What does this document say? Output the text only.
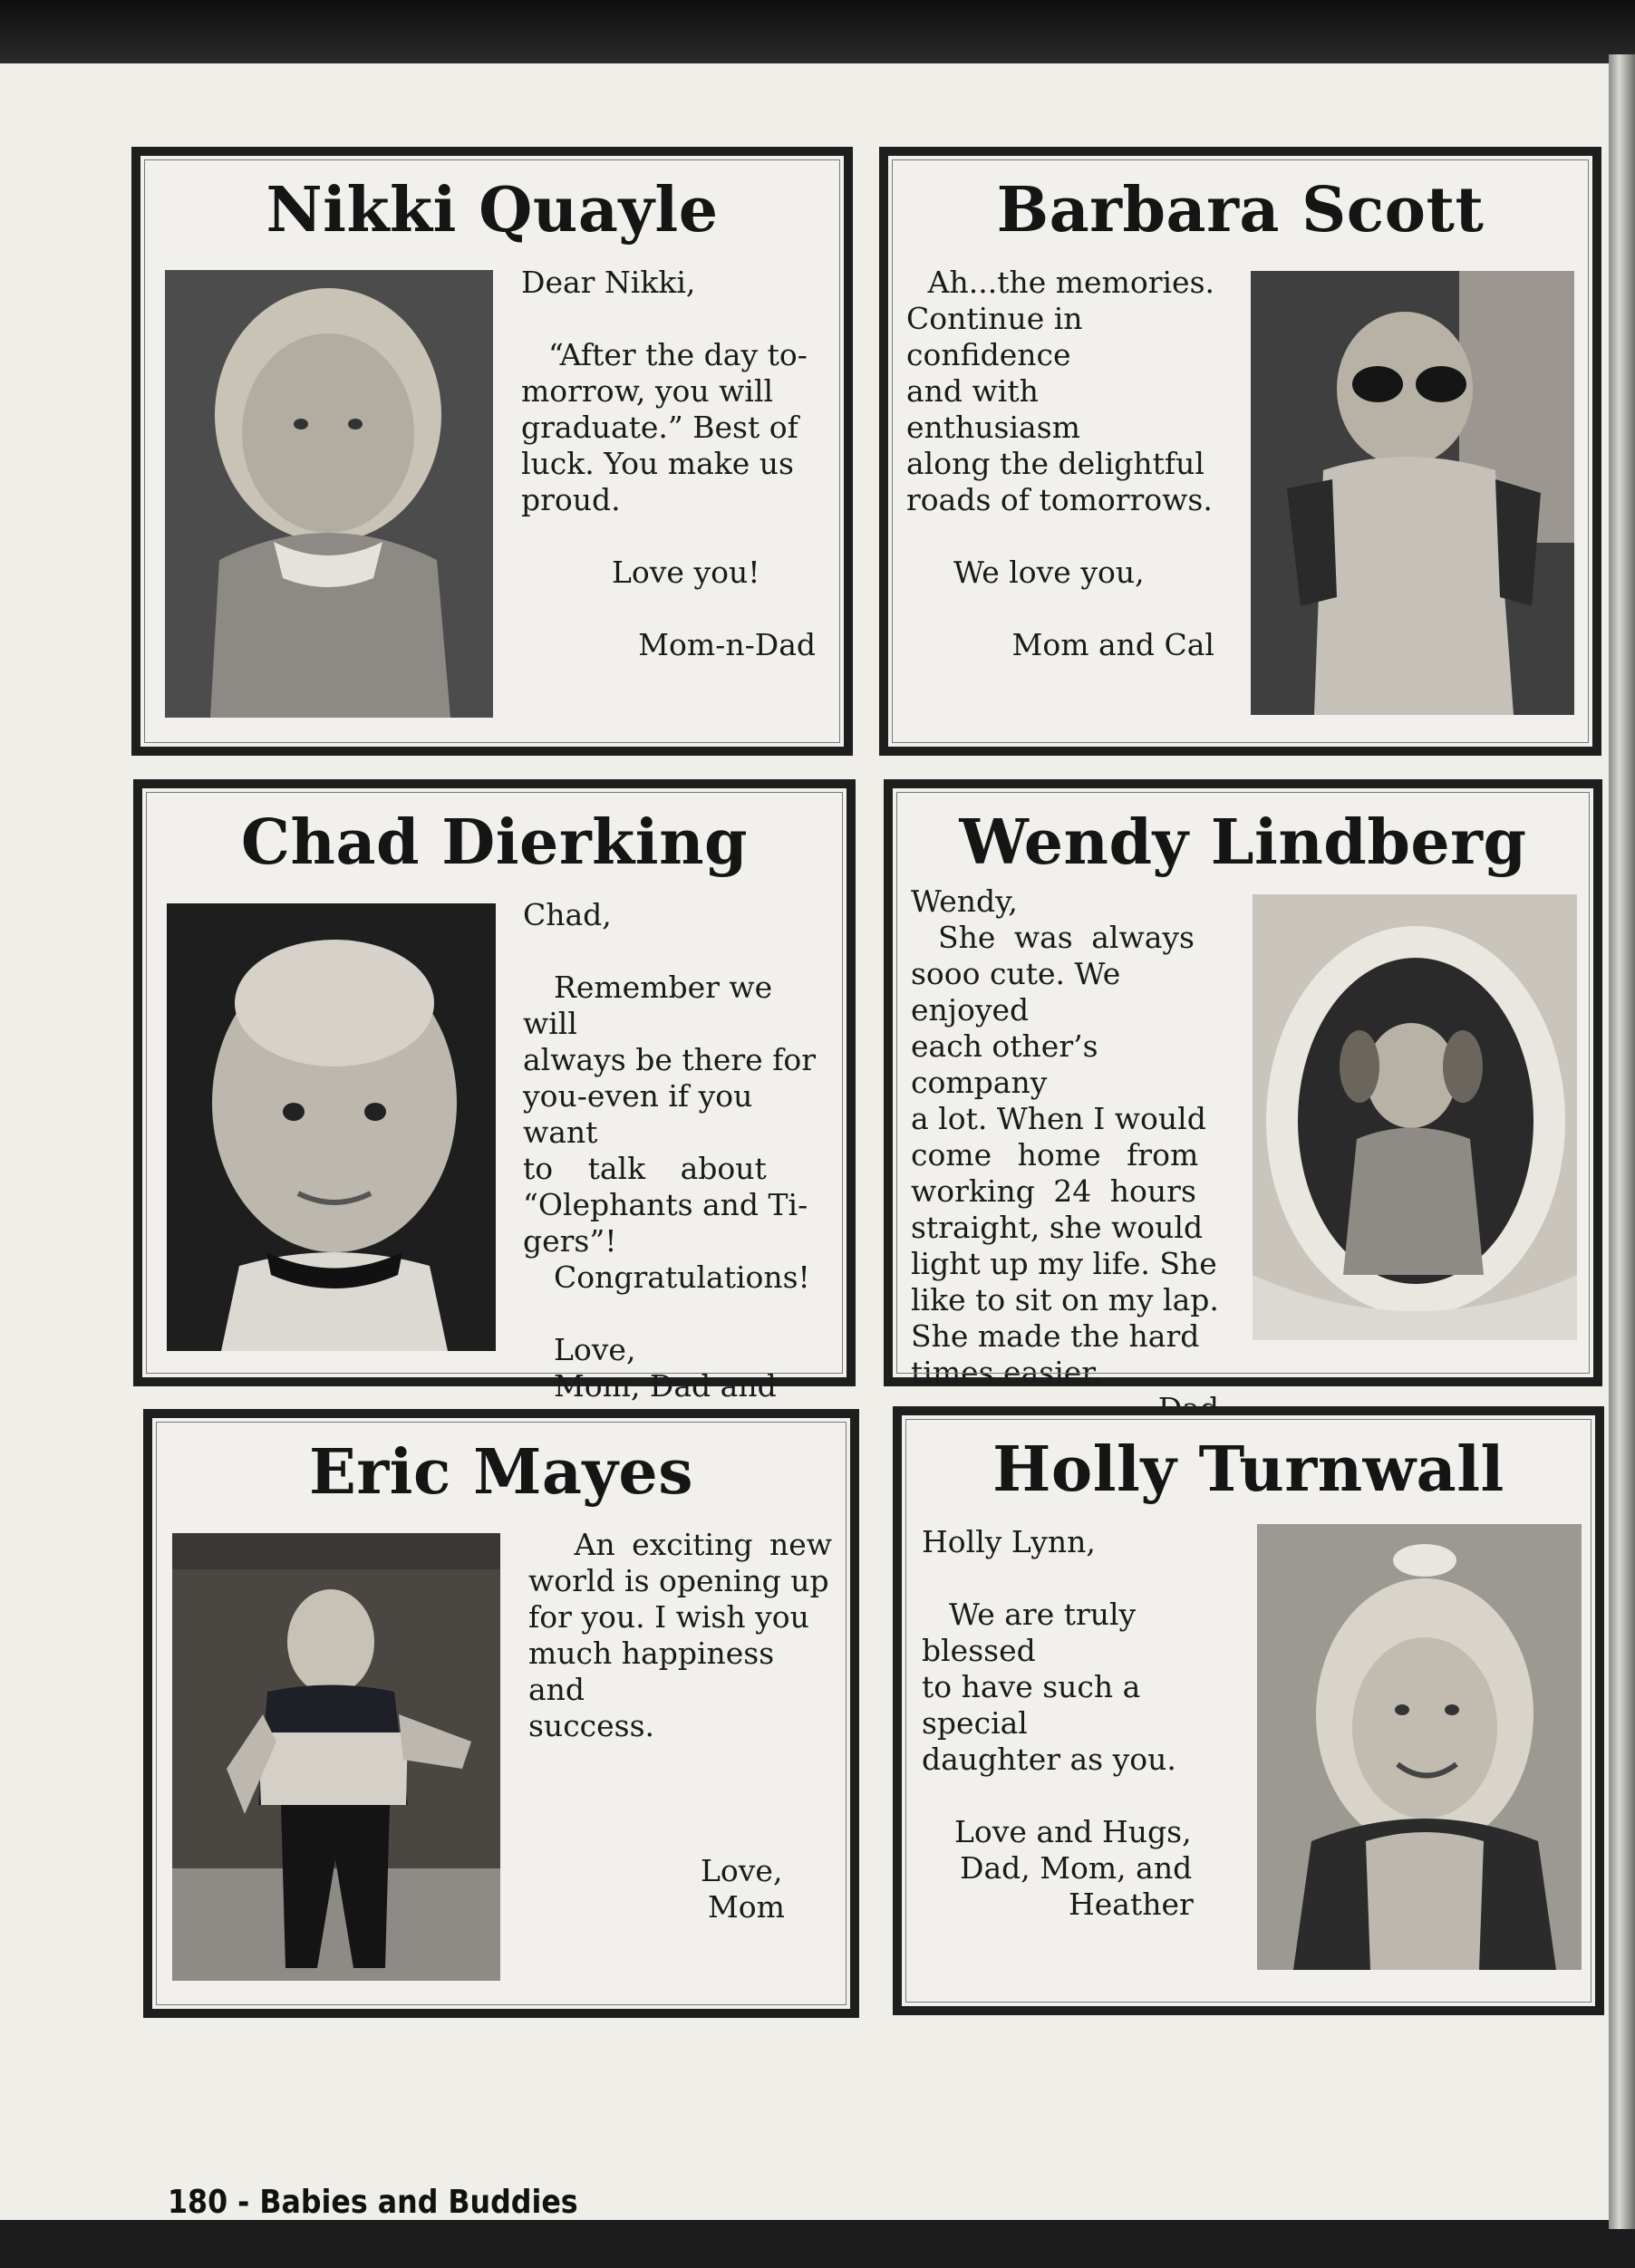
Nikki Quayle

Dear Nikki,

“After the day to-

morrow, you will

graduate.” Best of

luck. You make us

proud.

Love you!

Mom-n-Dad

Barbara Scott

Ah...the memories.

Continue in confidence

and with enthusiasm

along the delightful

roads of tomorrows.

We love you,

Mom and Cal

Chad Dierking

Chad,

Remember we will

always be there for

you-even if you want

to talk about

“Olephants and Ti-

gers”!

Congratulations!

Love,

Mom, Dad and

Wendy Lindberg

Wendy,

She was always

sooo cute. We enjoyed

each other’s company

a lot. When I would

come home from

working 24 hours

straight, she would

light up my life. She

like to sit on my lap.

She made the hard

times easier.

Eric Mayes

An exciting new

world is opening up

for you. I wish you

much happiness and

success.

Love,

Mom

Holly Turnwall

Holly Lynn,

We are truly blessed

to have such a special

daughter as you.

Love and Hugs,

Dad, Mom, and

Heather

180 - Babies and Buddies
